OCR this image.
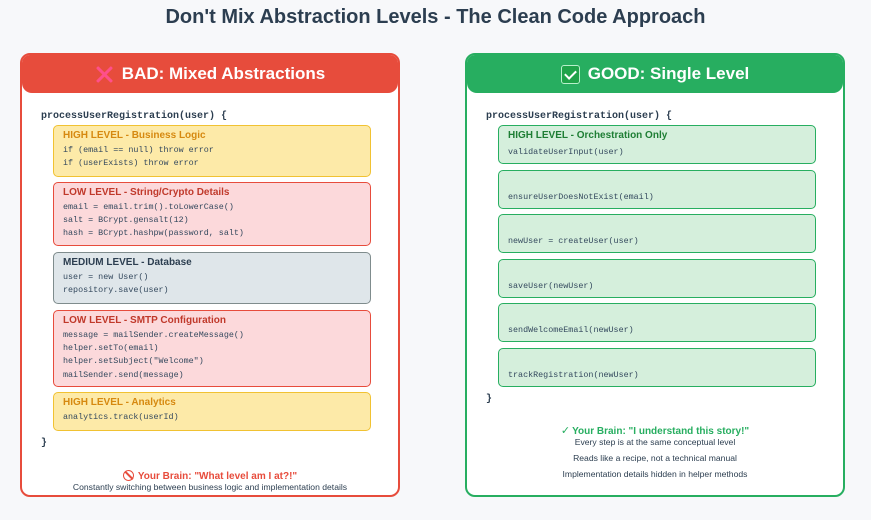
Don't Mix Abstraction Levels - The Clean Code Approach
BAD: Mixed Abstractions
processUserRegistration(user) {
HIGH LEVEL - Business Logic
if (email == null) throw error
if (userExists) throw error
LOW LEVEL - String/Crypto Details
email = email.trim().toLowerCase()
salt = BCrypt.gensalt(12)
hash = BCrypt.hashpw(password, salt)
MEDIUM LEVEL - Database
user = new User()
repository.save(user)
LOW LEVEL - SMTP Configuration
message = mailSender.createMessage()
helper.setTo(email)
helper.setSubject("Welcome")
mailSender.send(message)
HIGH LEVEL - Analytics
analytics.track(userId)
}
Your Brain: "What level am I at?!"
Constantly switching between business logic and implementation details
GOOD: Single Level
processUserRegistration(user) {
HIGH LEVEL - Orchestration Only
validateUserInput(user)
ensureUserDoesNotExist(email)
newUser = createUser(user)
saveUser(newUser)
sendWelcomeEmail(newUser)
trackRegistration(newUser)
}
✓ Your Brain: "I understand this story!"
Every step is at the same conceptual level
Reads like a recipe, not a technical manual
Implementation details hidden in helper methods
